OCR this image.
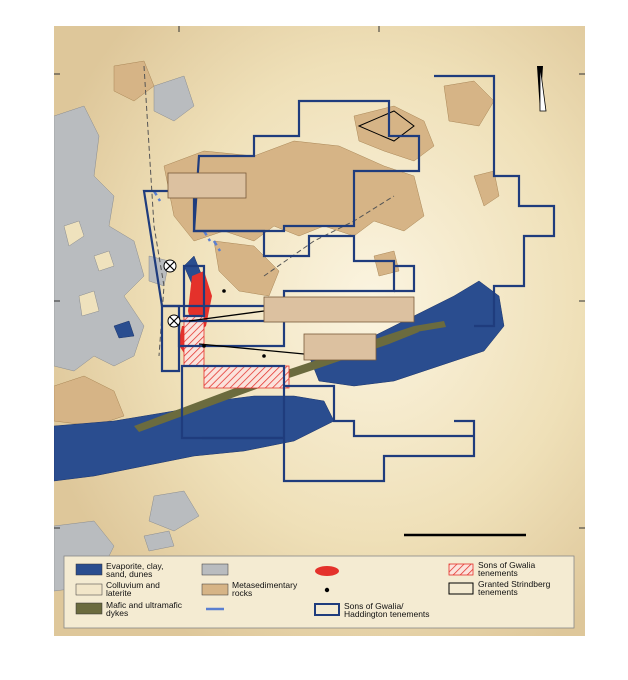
Evaporite, clay, sand, dunes
Colluvium and laterite
Mafic and ultramafic dykes
Metasedimentary rocks
Sons of Gwalia/ Haddington tenements
Sons of Gwalia tenements
Granted Strindberg tenements
